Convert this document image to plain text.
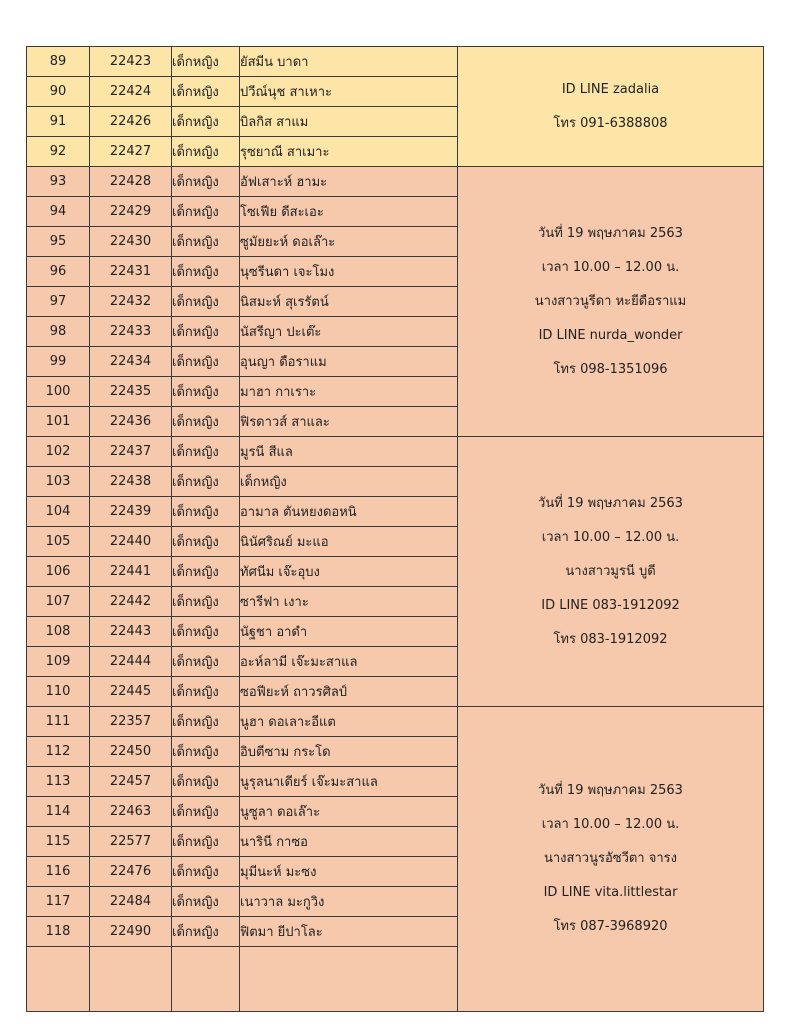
89	22423	เด็กหญิง	ยัสมีน บาดา	ID LINE zadalia
โทร 091-6388808

90	22424	เด็กหญิง	ปวีณ์นุช สาเหาะ	
91	22426	เด็กหญิง	บิลกิส สาแม	
92	22427	เด็กหญิง	รุซยาณี สาเมาะ	
93	22428	เด็กหญิง	อัฟเสาะห์ ฮามะ	วันที่ 19 พฤษภาคม 2563
เวลา 10.00 – 12.00 น.
นางสาวนูรีดา หะยีดือราแม
ID LINE nurda_wonder
โทร 098-1351096

94	22429	เด็กหญิง	โซเฟีย ดีสะเอะ	
95	22430	เด็กหญิง	ซูมัยยะห์ ดอเล๊าะ	
96	22431	เด็กหญิง	นุซรีนดา เจะโมง	
97	22432	เด็กหญิง	นิสมะห์ สุเรรัตน์	
98	22433	เด็กหญิง	นัสรีญา ปะเต๊ะ	
99	22434	เด็กหญิง	อุนญา ดือราแม	
100	22435	เด็กหญิง	มาฮา กาเราะ	
101	22436	เด็กหญิง	ฟิรดาวส์ สาและ	
102	22437	เด็กหญิง	มูรนี สีแล	วันที่ 19 พฤษภาคม 2563
เวลา 10.00 – 12.00 น.
นางสาวมูรนี บูดี
ID LINE 083-1912092
โทร 083-1912092

103	22438	เด็กหญิง	เด็กหญิง	
104	22439	เด็กหญิง	อามาล ตันหยงดอหนิ	
105	22440	เด็กหญิง	นินัศริณย์ มะแอ	
106	22441	เด็กหญิง	ทัศนีม เจ๊ะอุบง	
107	22442	เด็กหญิง	ซารีฟา เงาะ	
108	22443	เด็กหญิง	นัฐชา อาดำ	
109	22444	เด็กหญิง	อะห์ลามี เจ๊ะมะสาแล	
110	22445	เด็กหญิง	ซอฟียะห์ ถาวรศิลป์	
111	22357	เด็กหญิง	นูฮา ดอเลาะอีแต	วันที่ 19 พฤษภาคม 2563
เวลา 10.00 – 12.00 น.
นางสาวนูรอัซวีตา จารง
ID LINE vita.littlestar
โทร 087-3968920

112	22450	เด็กหญิง	อิบตีซาม กระโด	
113	22457	เด็กหญิง	นูรุลนาเดียร์ เจ๊ะมะสาแล	
114	22463	เด็กหญิง	นูซูลา ดอเล๊าะ	
115	22577	เด็กหญิง	นารินี กาซอ	
116	22476	เด็กหญิง	มุมีนะห์ มะซง	
117	22484	เด็กหญิง	เนาวาล มะกูวิง	
118	22490	เด็กหญิง	ฟิตมา ยีปาโละ	
